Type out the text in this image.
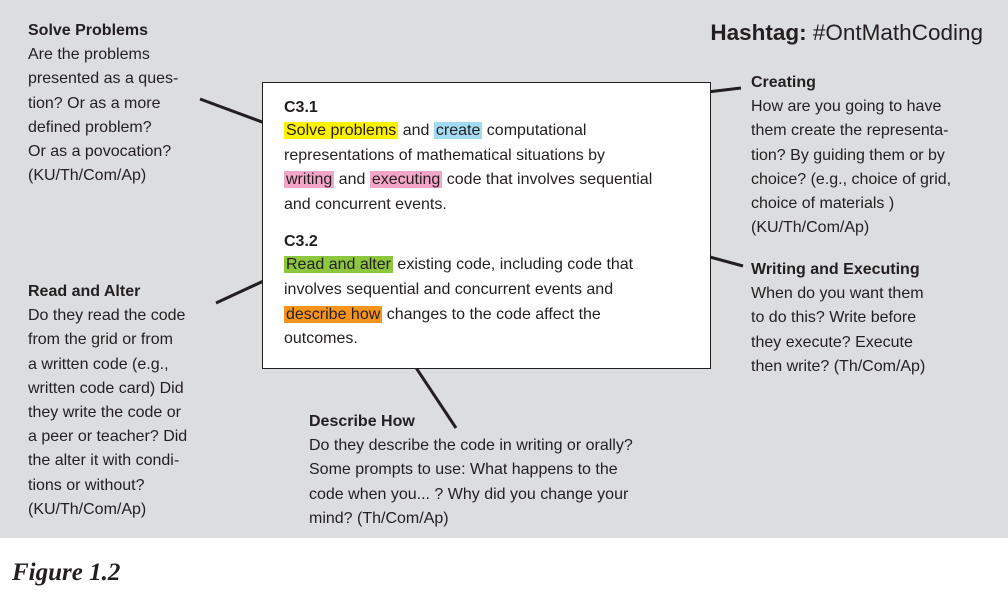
Solve Problems
Are the problems
presented as a ques-
tion? Or as a more
defined problem?
Or as a povocation?
(KU/Th/Com/Ap)
Read and Alter
Do they read the code
from the grid or from
a written code (e.g.,
written code card) Did
they write the code or
a peer or teacher? Did
the alter it with condi-
tions or without?
(KU/Th/Com/Ap)
Creating
How are you going to have
them create the representa-
tion? By guiding them or by
choice? (e.g., choice of grid,
choice of materials )
(KU/Th/Com/Ap)
Writing and Executing
When do you want them
to do this? Write before
they execute? Execute
then write? (Th/Com/Ap)
Describe How
Do they describe the code in writing or orally?
Some prompts to use: What happens to the
code when you... ? Why did you change your
mind? (Th/Com/Ap)
Hashtag: #OntMathCoding
C3.1
Solve problems and create computational
representations of mathematical situations by
writing and executing code that involves sequential
and concurrent events.
C3.2
Read and alter existing code, including code that
involves sequential and concurrent events and
describe how changes to the code affect the
outcomes.
Figure 1.2
